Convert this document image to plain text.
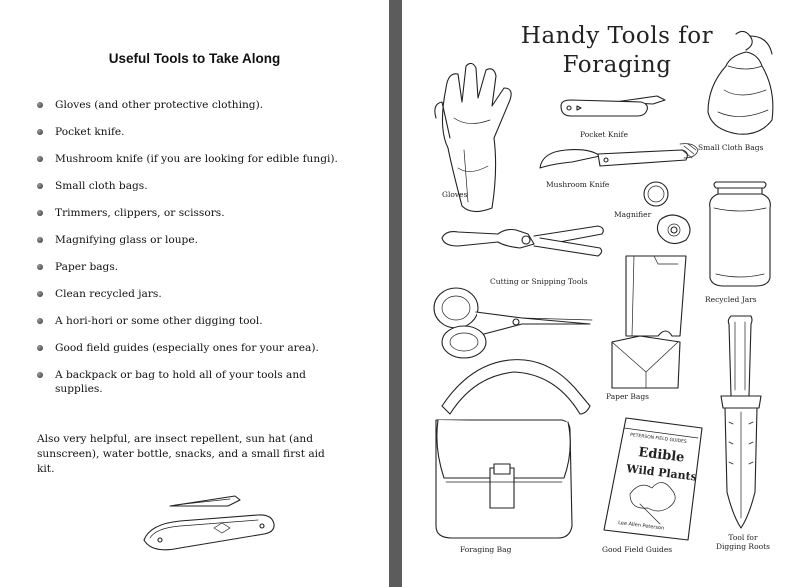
Useful Tools to Take Along
Gloves (and other protective clothing).
Pocket knife.
Mushroom knife (if you are looking for edible fungi).
Small cloth bags.
Trimmers, clippers, or scissors.
Magnifying glass or loupe.
Paper bags.
Clean recycled jars.
A hori-hori or some other digging tool.
Good field guides (especially ones for your area).
A backpack or bag to hold all of your tools and supplies.
Also very helpful, are insect repellent, sun hat (and sunscreen), water bottle, snacks, and a small first aid kit.
Handy Tools for
Foraging
Gloves
Pocket Knife
Small Cloth Bags
Mushroom Knife
Magnifier
Recycled Jars
Cutting or Snipping Tools
Paper Bags
Tool for
Digging Roots
Foraging Bag
PETERSON FIELD GUIDES
Edible
Wild Plants
Lee Allen Peterson
Good Field Guides
